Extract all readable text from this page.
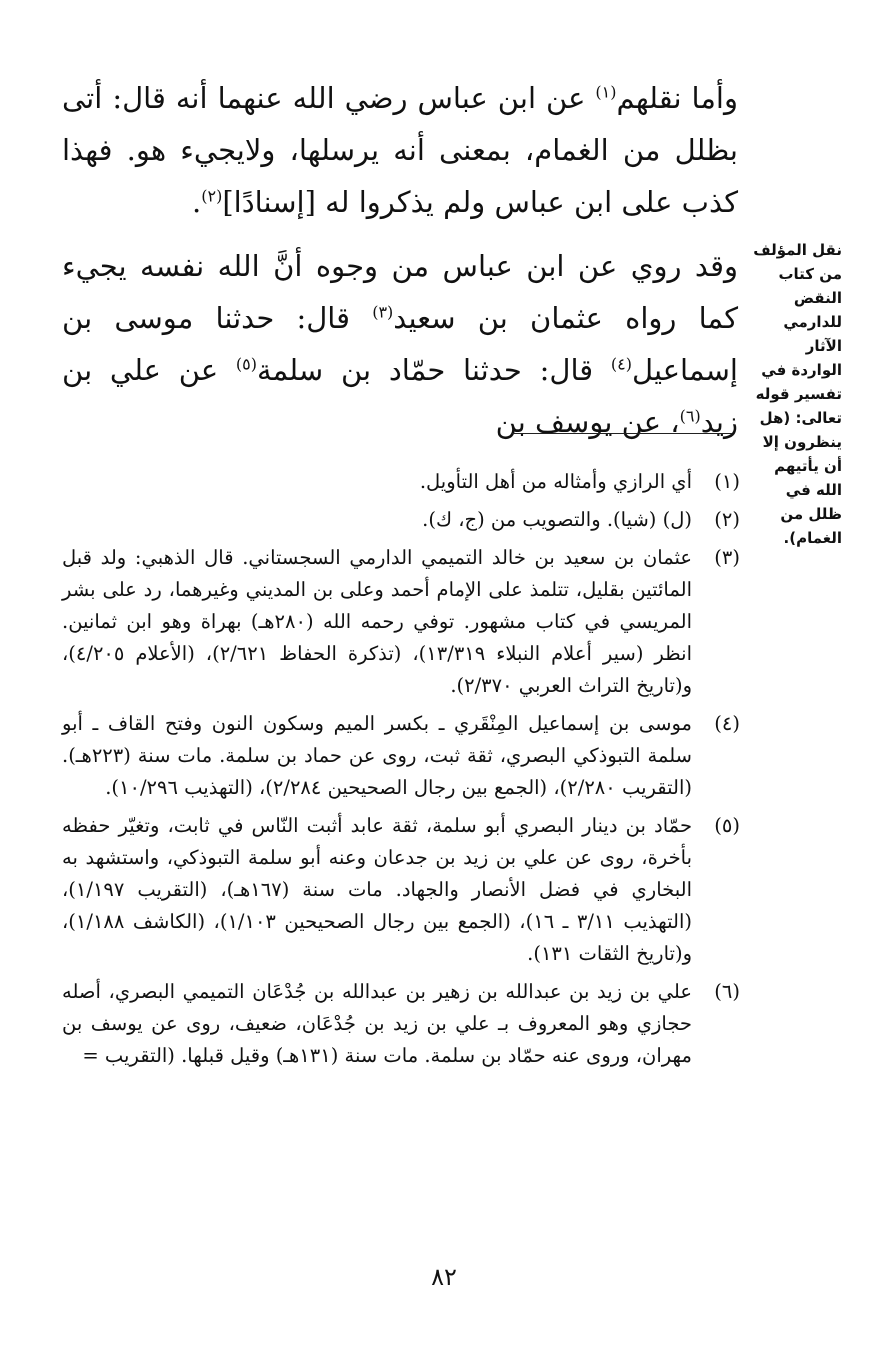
وأما نقلهم$^{(١)}$ عن ابن عباس رضي الله عنهما أنه قال: أتى بظلل من الغمام، بمعنى أنه يرسلها، ولايجيء هو. فهذا كذب على ابن عباس ولم يذكروا له [إسنادًا]$^{(٢)}$.

وقد روي عن ابن عباس من وجوه أنَّ الله نفسه يجيء كما رواه عثمان بن سعيد$^{(٣)}$ قال: حدثنا موسى بن إسماعيل$^{(٤)}$ قال: حدثنا حمّاد بن سلمة$^{(٥)}$ عن علي بن زيد$^{(٦)}$، عن يوسف بن

نقل المؤلف من كتاب النقض للدارمي الآثار الواردة في تفسير قوله تعالى: (هل ينظرون إلا أن يأتيهم الله في ظلل من الغمام).
(١)
أي الرازي وأمثاله من أهل التأويل.
(٢)
(ل) (شيا). والتصويب من (ج، ك).
(٣)
عثمان بن سعيد بن خالد التميمي الدارمي السجستاني. قال الذهبي: ولد قبل المائتين بقليل، تتلمذ على الإمام أحمد وعلى بن المديني وغيرهما، رد على بشر المريسي في كتاب مشهور. توفي رحمه الله (٢٨٠هـ) بهراة وهو ابن ثمانين. انظر (سير أعلام النبلاء ١٣/٣١٩)، (تذكرة الحفاظ ٢/٦٢١)، (الأعلام ٤/٢٠٥)، و(تاريخ التراث العربي ٢/٣٧٠).
(٤)
موسى بن إسماعيل المِنْقَري ـ بكسر الميم وسكون النون وفتح القاف ـ أبو سلمة التبوذكي البصري، ثقة ثبت، روى عن حماد بن سلمة. مات سنة (٢٢٣هـ). (التقريب ٢/٢٨٠)، (الجمع بين رجال الصحيحين ٢/٢٨٤)، (التهذيب ١٠/٢٩٦).
(٥)
حمّاد بن دينار البصري أبو سلمة، ثقة عابد أثبت النّاس في ثابت، وتغيّر حفظه بأخرة، روى عن علي بن زيد بن جدعان وعنه أبو سلمة التبوذكي، واستشهد به البخاري في فضل الأنصار والجهاد. مات سنة (١٦٧هـ)، (التقريب ١/١٩٧)، (التهذيب ٣/١١ ـ ١٦)، (الجمع بين رجال الصحيحين ١/١٠٣)، (الكاشف ١/١٨٨)، و(تاريخ الثقات ١٣١).
(٦)
علي بن زيد بن عبدالله بن زهير بن عبدالله بن جُدْعَان التميمي البصري، أصله حجازي وهو المعروف بـ علي بن زيد بن جُدْعَان، ضعيف، روى عن يوسف بن مهران، وروى عنه حمّاد بن سلمة. مات سنة (١٣١هـ) وقيل قبلها. (التقريب =
٨٢
